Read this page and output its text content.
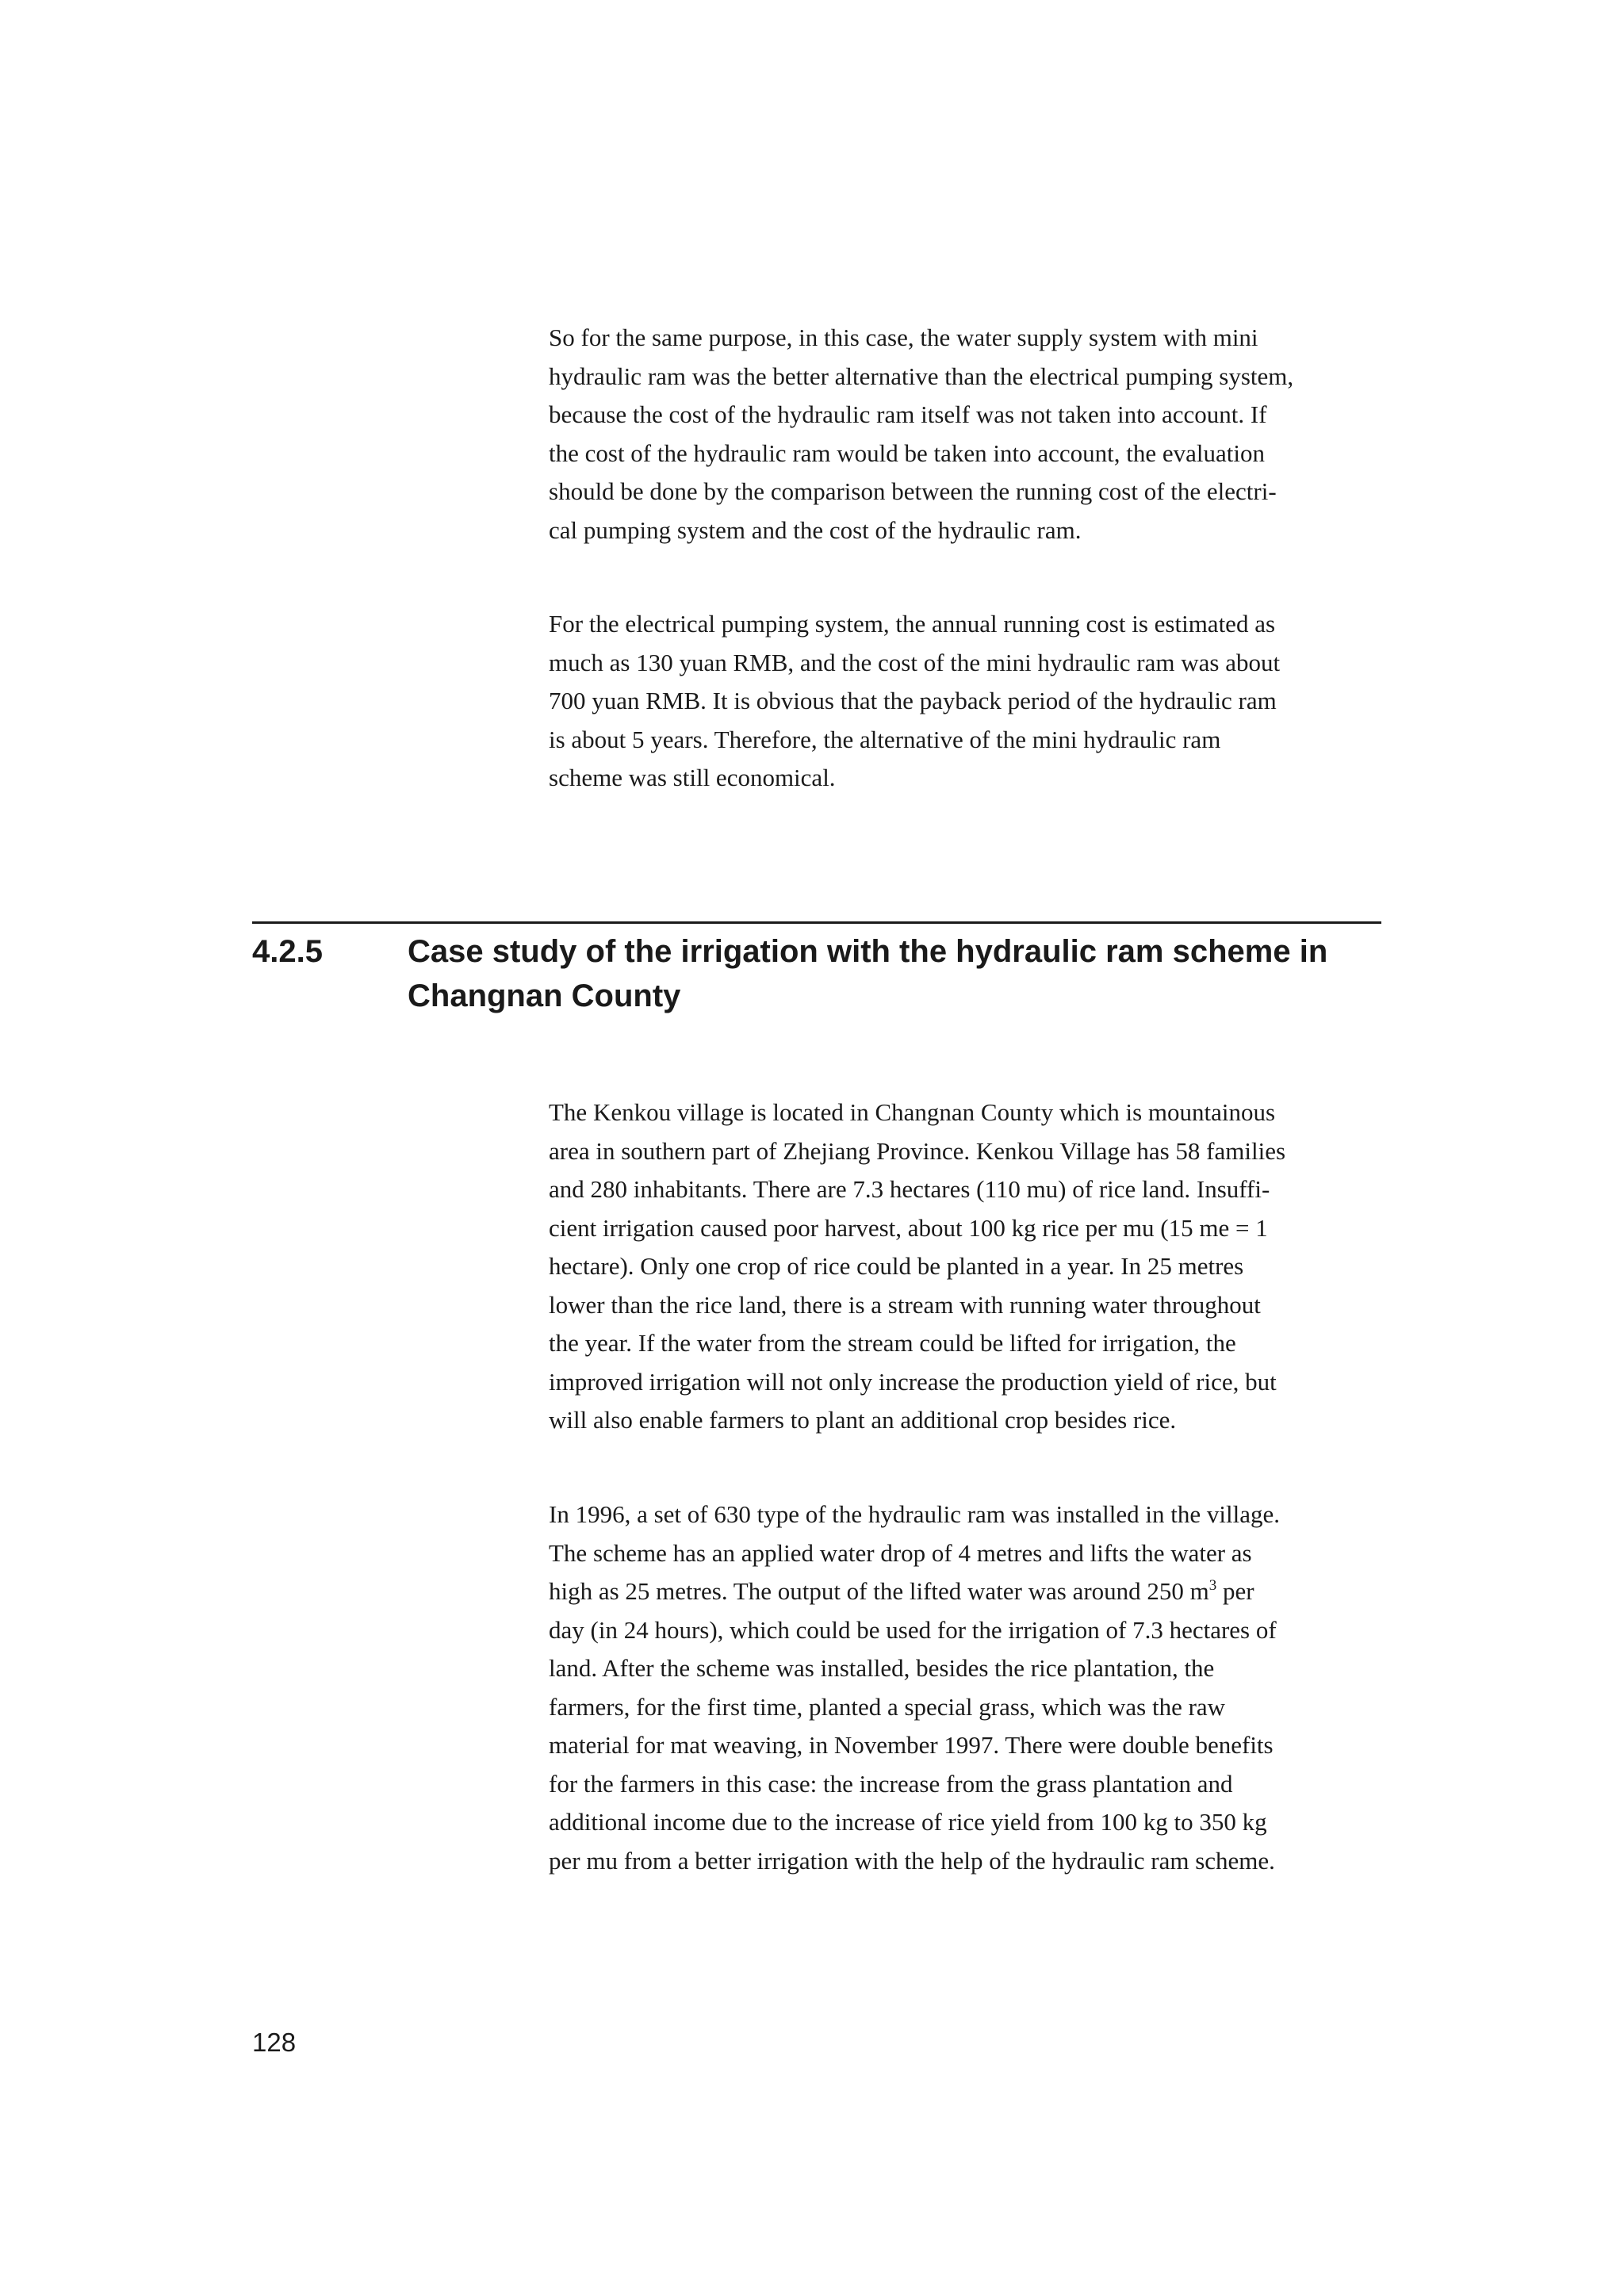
So for the same purpose, in this case, the water supply system with mini
hydraulic ram was the better alternative than the electrical pumping system,
because the cost of the hydraulic ram itself was not taken into account. If
the cost of the hydraulic ram would be taken into account, the evaluation
should be done by the comparison between the running cost of the electri-
cal pumping system and the cost of the hydraulic ram.

For the electrical pumping system, the annual running cost is estimated as
much as 130 yuan RMB, and the cost of the mini hydraulic ram was about
700 yuan RMB. It is obvious that the payback period of the hydraulic ram
is about 5 years. Therefore, the alternative of the mini hydraulic ram
scheme was still economical.

4.2.5	Case study of the irrigation with the hydraulic ram scheme in
Changnan County

The Kenkou village is located in Changnan County which is mountainous
area in southern part of Zhejiang Province. Kenkou Village has 58 families
and 280 inhabitants. There are 7.3 hectares (110 mu) of rice land. Insuffi-
cient irrigation caused poor harvest, about 100 kg rice per mu (15 me = 1
hectare). Only one crop of rice could be planted in a year. In 25 metres
lower than the rice land, there is a stream with running water throughout
the year. If the water from the stream could be lifted for irrigation, the
improved irrigation will not only increase the production yield of rice, but
will also enable farmers to plant an additional crop besides rice.

In 1996, a set of 630 type of the hydraulic ram was installed in the village.
The scheme has an applied water drop of 4 metres and lifts the water as
high as 25 metres. The output of the lifted water was around 250 $m^3$ per
day (in 24 hours), which could be used for the irrigation of 7.3 hectares of
land. After the scheme was installed, besides the rice plantation, the
farmers, for the first time, planted a special grass, which was the raw
material for mat weaving, in November 1997. There were double benefits
for the farmers in this case: the increase from the grass plantation and
additional income due to the increase of rice yield from 100 kg to 350 kg
per mu from a better irrigation with the help of the hydraulic ram scheme.

128
